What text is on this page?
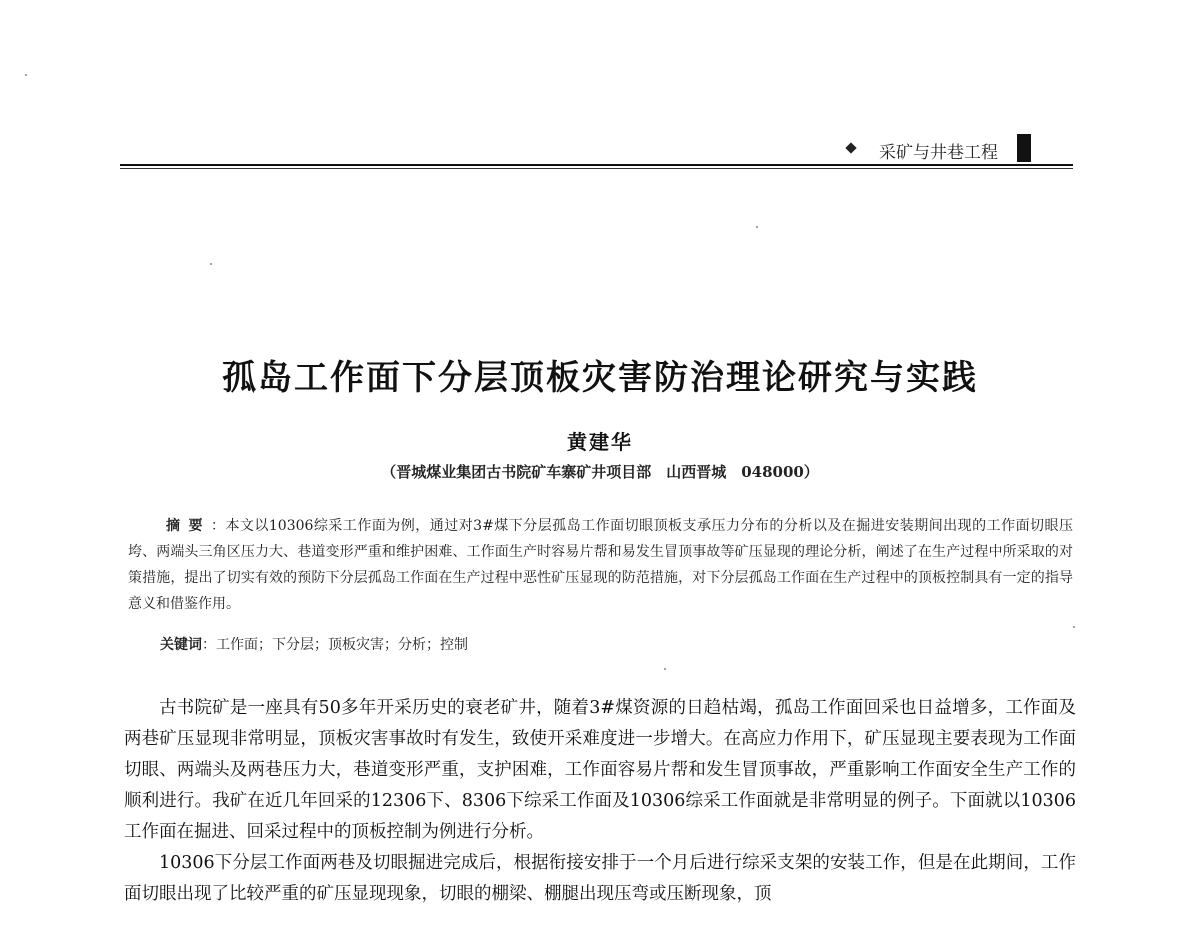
采矿与井巷工程
孤岛工作面下分层顶板灾害防治理论研究与实践
黄建华
（晋城煤业集团古书院矿车寨矿井项目部　山西晋城　048000）

摘要：本文以10306综采工作面为例，通过对3#煤下分层孤岛工作面切眼顶板支承压力分布的分析以及在掘进安装期间出现的工作面切眼压垮、两端头三角区压力大、巷道变形严重和维护困难、工作面生产时容易片帮和易发生冒顶事故等矿压显现的理论分析，阐述了在生产过程中所采取的对策措施，提出了切实有效的预防下分层孤岛工作面在生产过程中恶性矿压显现的防范措施，对下分层孤岛工作面在生产过程中的顶板控制具有一定的指导意义和借鉴作用。

关键词：工作面；下分层；顶板灾害；分析；控制

古书院矿是一座具有50多年开采历史的衰老矿井，随着3#煤资源的日趋枯竭，孤岛工作面回采也日益增多，工作面及两巷矿压显现非常明显，顶板灾害事故时有发生，致使开采难度进一步增大。在高应力作用下，矿压显现主要表现为工作面切眼、两端头及两巷压力大，巷道变形严重，支护困难，工作面容易片帮和发生冒顶事故，严重影响工作面安全生产工作的顺利进行。我矿在近几年回采的12306下、8306下综采工作面及10306综采工作面就是非常明显的例子。下面就以10306工作面在掘进、回采过程中的顶板控制为例进行分析。

10306下分层工作面两巷及切眼掘进完成后，根据衔接安排于一个月后进行综采支架的安装工作，但是在此期间，工作面切眼出现了比较严重的矿压显现现象，切眼的棚梁、棚腿出现压弯或压断现象，顶
